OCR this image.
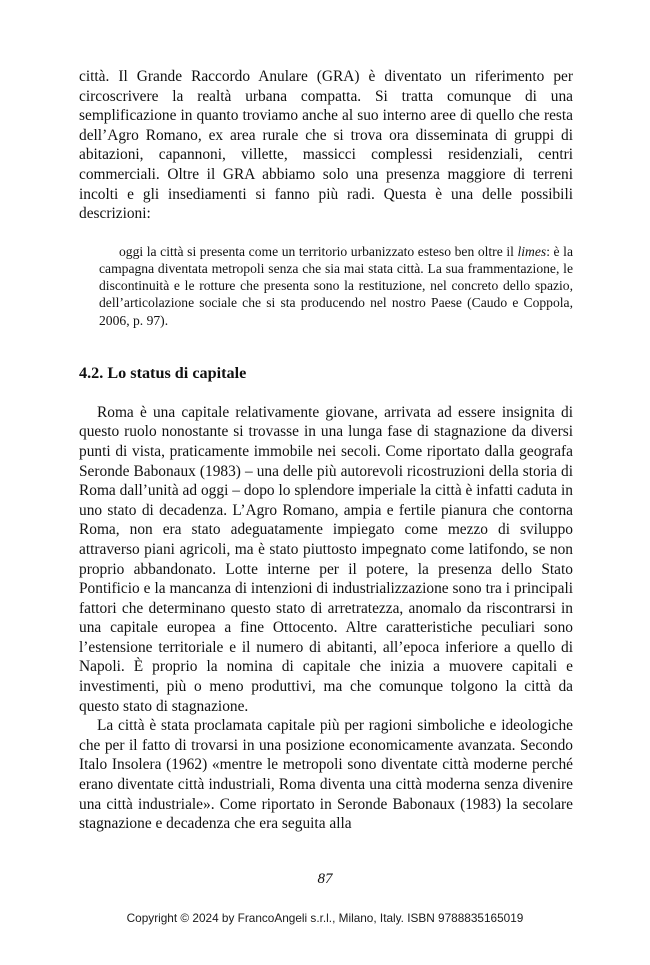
città. Il Grande Raccordo Anulare (GRA) è diventato un riferimento per circoscrivere la realtà urbana compatta. Si tratta comunque di una semplificazione in quanto troviamo anche al suo interno aree di quello che resta dell’Agro Romano, ex area rurale che si trova ora disseminata di gruppi di abitazioni, capannoni, villette, massicci complessi residenziali, centri commerciali. Oltre il GRA abbiamo solo una presenza maggiore di terreni incolti e gli insediamenti si fanno più radi. Questa è una delle possibili descrizioni:

oggi la città si presenta come un territorio urbanizzato esteso ben oltre il limes: è la campagna diventata metropoli senza che sia mai stata città. La sua frammentazione, le discontinuità e le rotture che presenta sono la restituzione, nel concreto dello spazio, dell’articolazione sociale che si sta producendo nel nostro Paese (Caudo e Coppola, 2006, p. 97).
4.2. Lo status di capitale

Roma è una capitale relativamente giovane, arrivata ad essere insignita di questo ruolo nonostante si trovasse in una lunga fase di stagnazione da diversi punti di vista, praticamente immobile nei secoli. Come riportato dalla geografa Seronde Babonaux (1983) – una delle più autorevoli ricostruzioni della storia di Roma dall’unità ad oggi – dopo lo splendore imperiale la città è infatti caduta in uno stato di decadenza. L’Agro Romano, ampia e fertile pianura che contorna Roma, non era stato adeguatamente impiegato come mezzo di sviluppo attraverso piani agricoli, ma è stato piuttosto impegnato come latifondo, se non proprio abbandonato. Lotte interne per il potere, la presenza dello Stato Pontificio e la mancanza di intenzioni di industrializzazione sono tra i principali fattori che determinano questo stato di arretratezza, anomalo da riscontrarsi in una capitale europea a fine Ottocento. Altre caratteristiche peculiari sono l’estensione territoriale e il numero di abitanti, all’epoca inferiore a quello di Napoli. È proprio la nomina di capitale che inizia a muovere capitali e investimenti, più o meno produttivi, ma che comunque tolgono la città da questo stato di stagnazione.

La città è stata proclamata capitale più per ragioni simboliche e ideologiche che per il fatto di trovarsi in una posizione economicamente avanzata. Secondo Italo Insolera (1962) «mentre le metropoli sono diventate città moderne perché erano diventate città industriali, Roma diventa una città moderna senza divenire una città industriale». Come riportato in Seronde Babonaux (1983) la secolare stagnazione e decadenza che era seguita alla

87
Copyright © 2024 by FrancoAngeli s.r.l., Milano, Italy. ISBN 9788835165019
